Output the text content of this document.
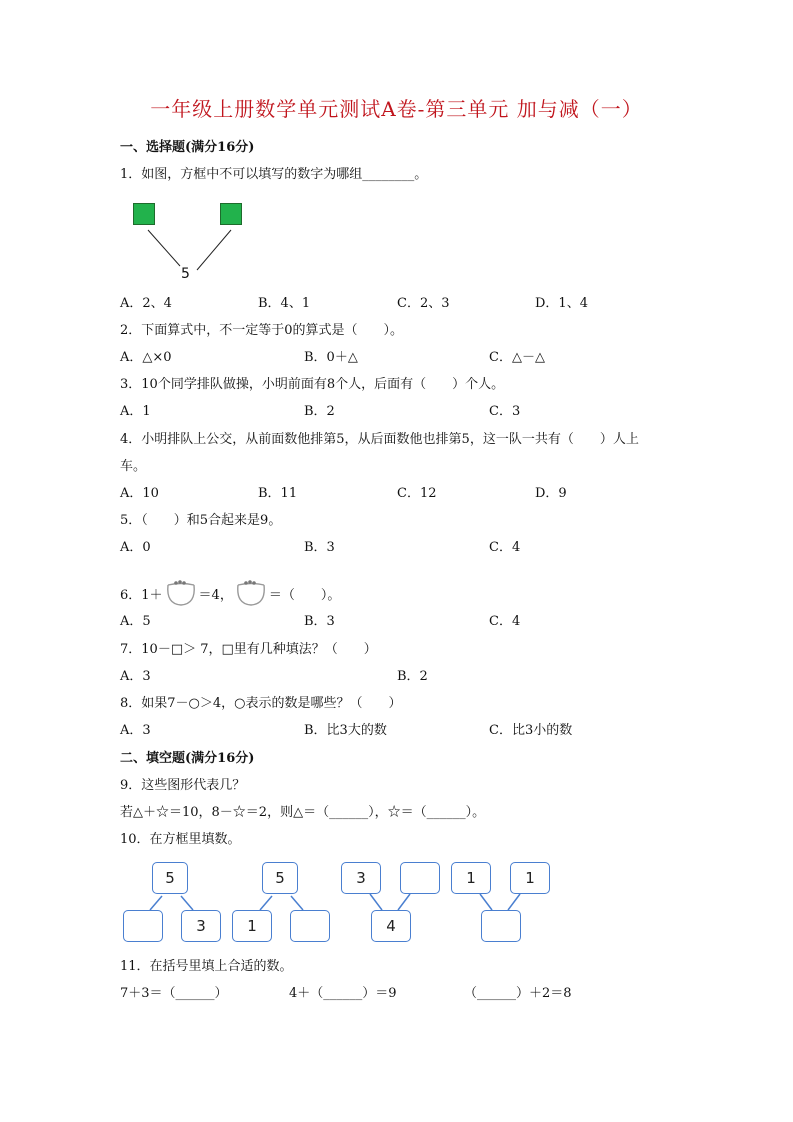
一年级上册数学单元测试A卷-第三单元 加与减（一）
一、选择题(满分16分)
1．如图，方框中不可以填写的数字为哪组________。
5
A．2、4	B．4、1	C．2、3	D．1、4
2．下面算式中，不一定等于0的算式是（　　）。
A．△×0	B．0＋△	C．△－△
3．10个同学排队做操，小明前面有8个人，后面有（　　）个人。
A．1	B．2	C．3
4．小明排队上公交，从前面数他排第5，从后面数他也排第5，这一队一共有（　　）人上
车。
A．10	B．11	C．12	D．9
5．（　　）和5合起来是9。
A．0	B．3	C．4
6．1＋	＝4，	＝（　　）。
A．5	B．3	C．4
7．10－□＞ 7，□里有几种填法？（　　）
A．3	B．2
8．如果7－○＞4，○表示的数是哪些？（　　）
A．3	B．比3大的数	C．比3小的数
二、填空题(满分16分)
9．这些图形代表几？
若△＋☆＝10，8－☆＝2，则△＝（______），☆＝（______）。
10．在方框里填数。
5
3
5
1
3
4
1	1
11．在括号里填上合适的数。
7＋3＝（______）	4＋（______）＝9	（______）＋2＝8
